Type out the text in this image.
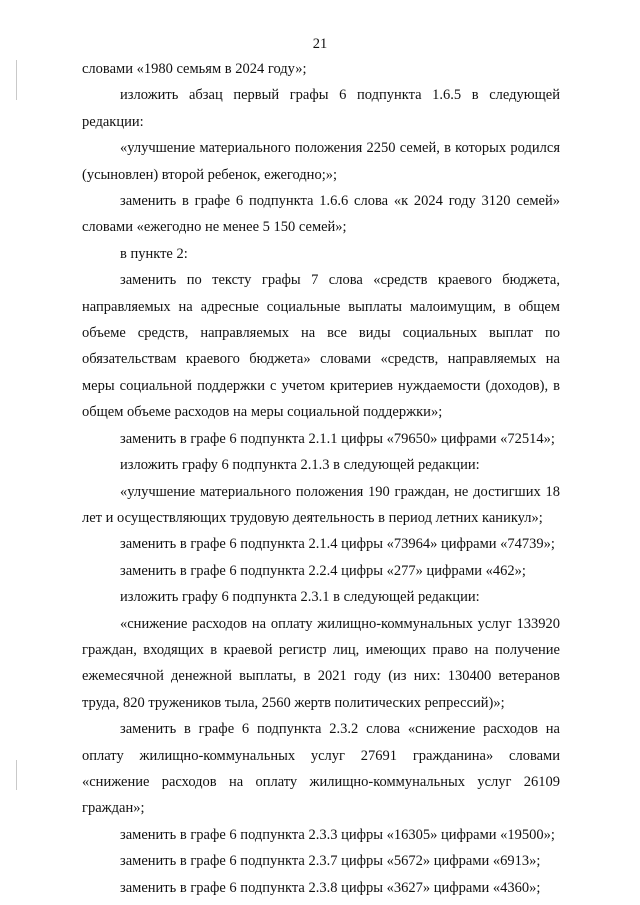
21

словами «1980 семьям в 2024 году»;

изложить абзац первый графы 6 подпункта 1.6.5 в следующей редакции:

«улучшение материального положения 2250 семей, в которых родился (усыновлен) второй ребенок, ежегодно;»;

заменить в графе 6 подпункта 1.6.6 слова «к 2024 году 3120 семей» словами «ежегодно не менее 5 150 семей»;

в пункте 2:

заменить по тексту графы 7 слова «средств краевого бюджета, направляемых на адресные социальные выплаты малоимущим, в общем объеме средств, направляемых на все виды социальных выплат по обязательствам краевого бюджета» словами «средств, направляемых на меры социальной поддержки с учетом критериев нуждаемости (доходов), в общем объеме расходов на меры социальной поддержки»;

заменить в графе 6 подпункта 2.1.1 цифры «79650» цифрами «72514»;

изложить графу 6 подпункта 2.1.3 в следующей редакции:

«улучшение материального положения 190 граждан, не достигших 18 лет и осуществляющих трудовую деятельность в период летних каникул»;

заменить в графе 6 подпункта 2.1.4 цифры «73964» цифрами «74739»;

заменить в графе 6 подпункта 2.2.4 цифры «277» цифрами «462»;

изложить графу 6 подпункта 2.3.1 в следующей редакции:

«снижение расходов на оплату жилищно-коммунальных услуг 133920 граждан, входящих в краевой регистр лиц, имеющих право на получение ежемесячной денежной выплаты, в 2021 году (из них: 130400 ветеранов труда, 820 тружеников тыла, 2560 жертв политических репрессий)»;

заменить в графе 6 подпункта 2.3.2 слова «снижение расходов на оплату жилищно-коммунальных услуг 27691 гражданина» словами «снижение расходов на оплату жилищно-коммунальных услуг 26109 граждан»;

заменить в графе 6 подпункта 2.3.3 цифры «16305» цифрами «19500»;

заменить в графе 6 подпункта 2.3.7 цифры «5672» цифрами «6913»;

заменить в графе 6 подпункта 2.3.8 цифры «3627» цифрами «4360»;
